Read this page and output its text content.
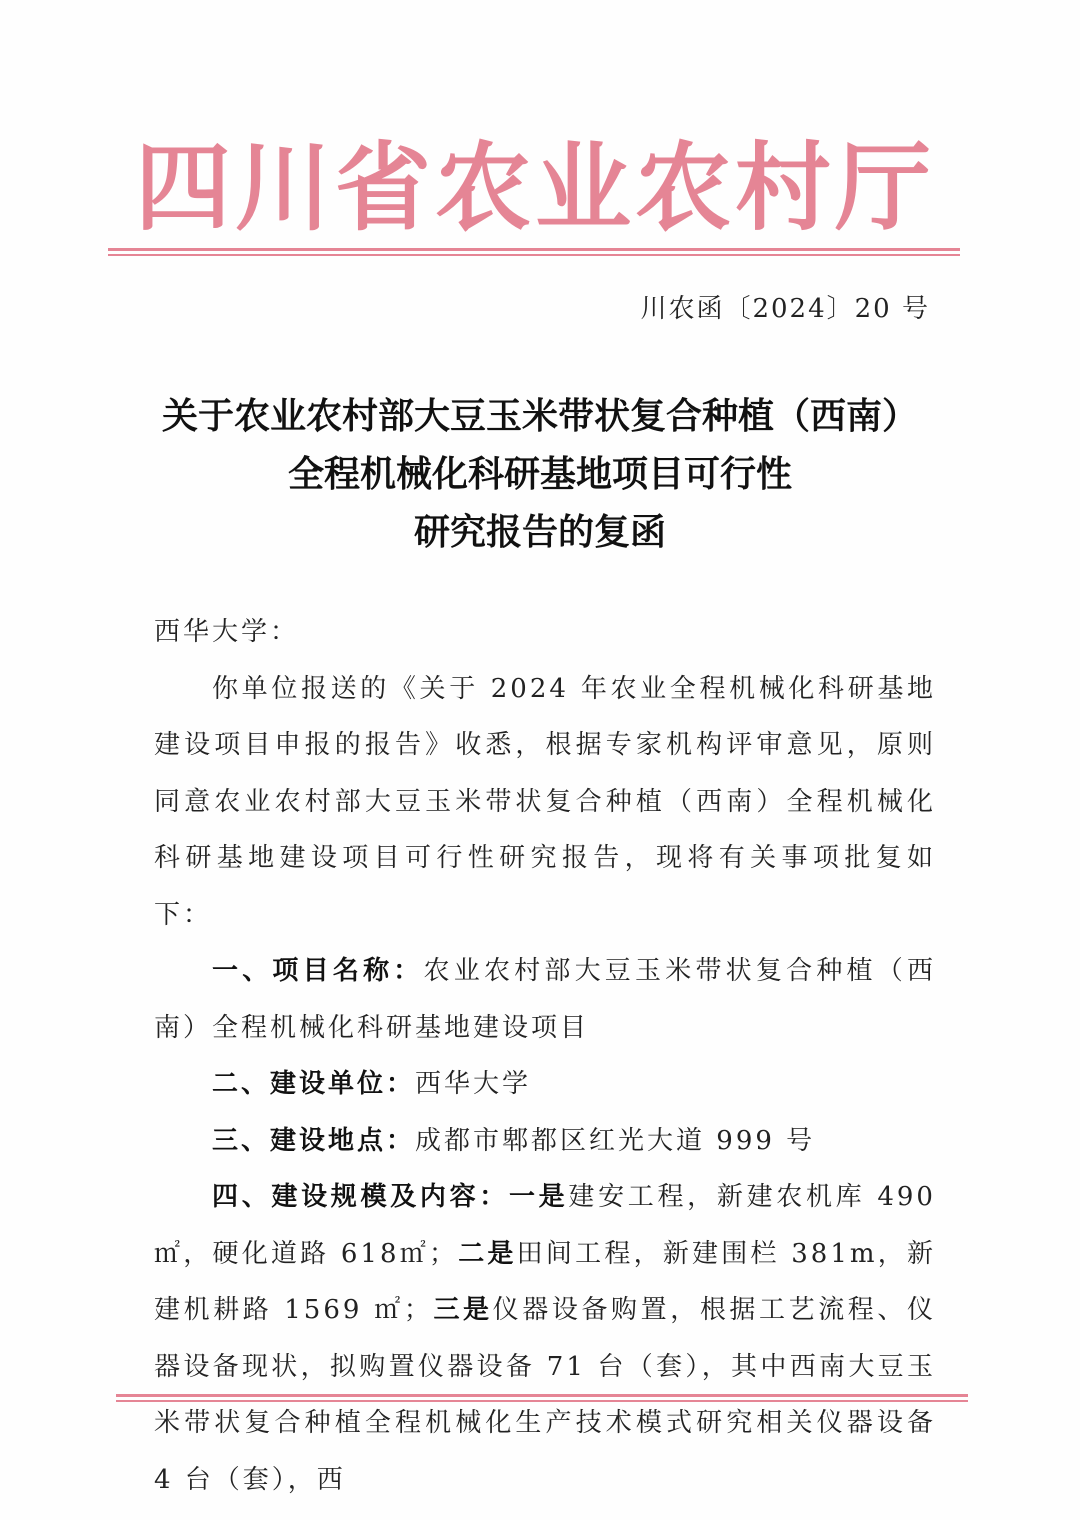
四川省农业农村厅
川农函〔2024〕20 号
关于农业农村部大豆玉米带状复合种植（西南）
全程机械化科研基地项目可行性
研究报告的复函

西华大学：

你单位报送的《关于 2024 年农业全程机械化科研基地建设项目申报的报告》收悉，根据专家机构评审意见，原则同意农业农村部大豆玉米带状复合种植（西南）全程机械化科研基地建设项目可行性研究报告，现将有关事项批复如下：

一、项目名称：农业农村部大豆玉米带状复合种植（西南）全程机械化科研基地建设项目

二、建设单位：西华大学

三、建设地点：成都市郫都区红光大道 999 号

四、建设规模及内容：一是建安工程，新建农机库 490㎡，硬化道路 618㎡；二是田间工程，新建围栏 381m，新建机耕路 1569 ㎡；三是仪器设备购置，根据工艺流程、仪器设备现状，拟购置仪器设备 71 台（套），其中西南大豆玉米带状复合种植全程机械化生产技术模式研究相关仪器设备 4 台（套），西
